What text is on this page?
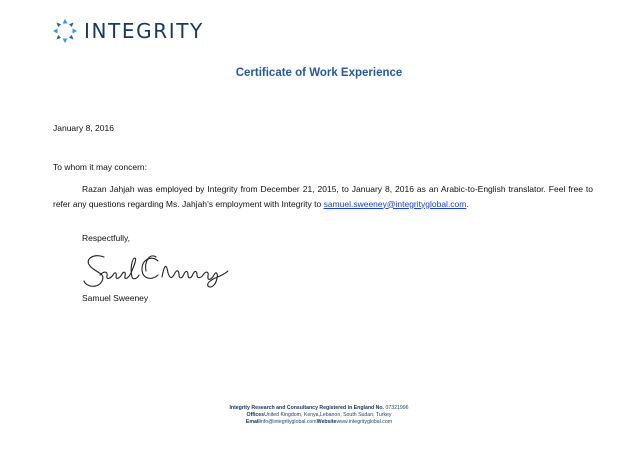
INTEGRITY
Certificate of Work Experience
January 8, 2016
To whom it may concern:
Razan Jahjah was employed by Integrity from December 21, 2015, to January 8, 2016 as an Arabic-to-English translator. Feel free to refer any questions regarding Ms. Jahjah’s employment with Integrity to samuel.sweeney@integrityglobal.com.
Respectfully,
Samuel Sweeney
Integrity Research and Consultancy Registered in England No. 07321996
OfficesUnited Kingdom, Kenya,Lebanon, South Sudan, Turkey
Emailinfo@integrityglobal.comWebsitewww.integrityglobal.com
